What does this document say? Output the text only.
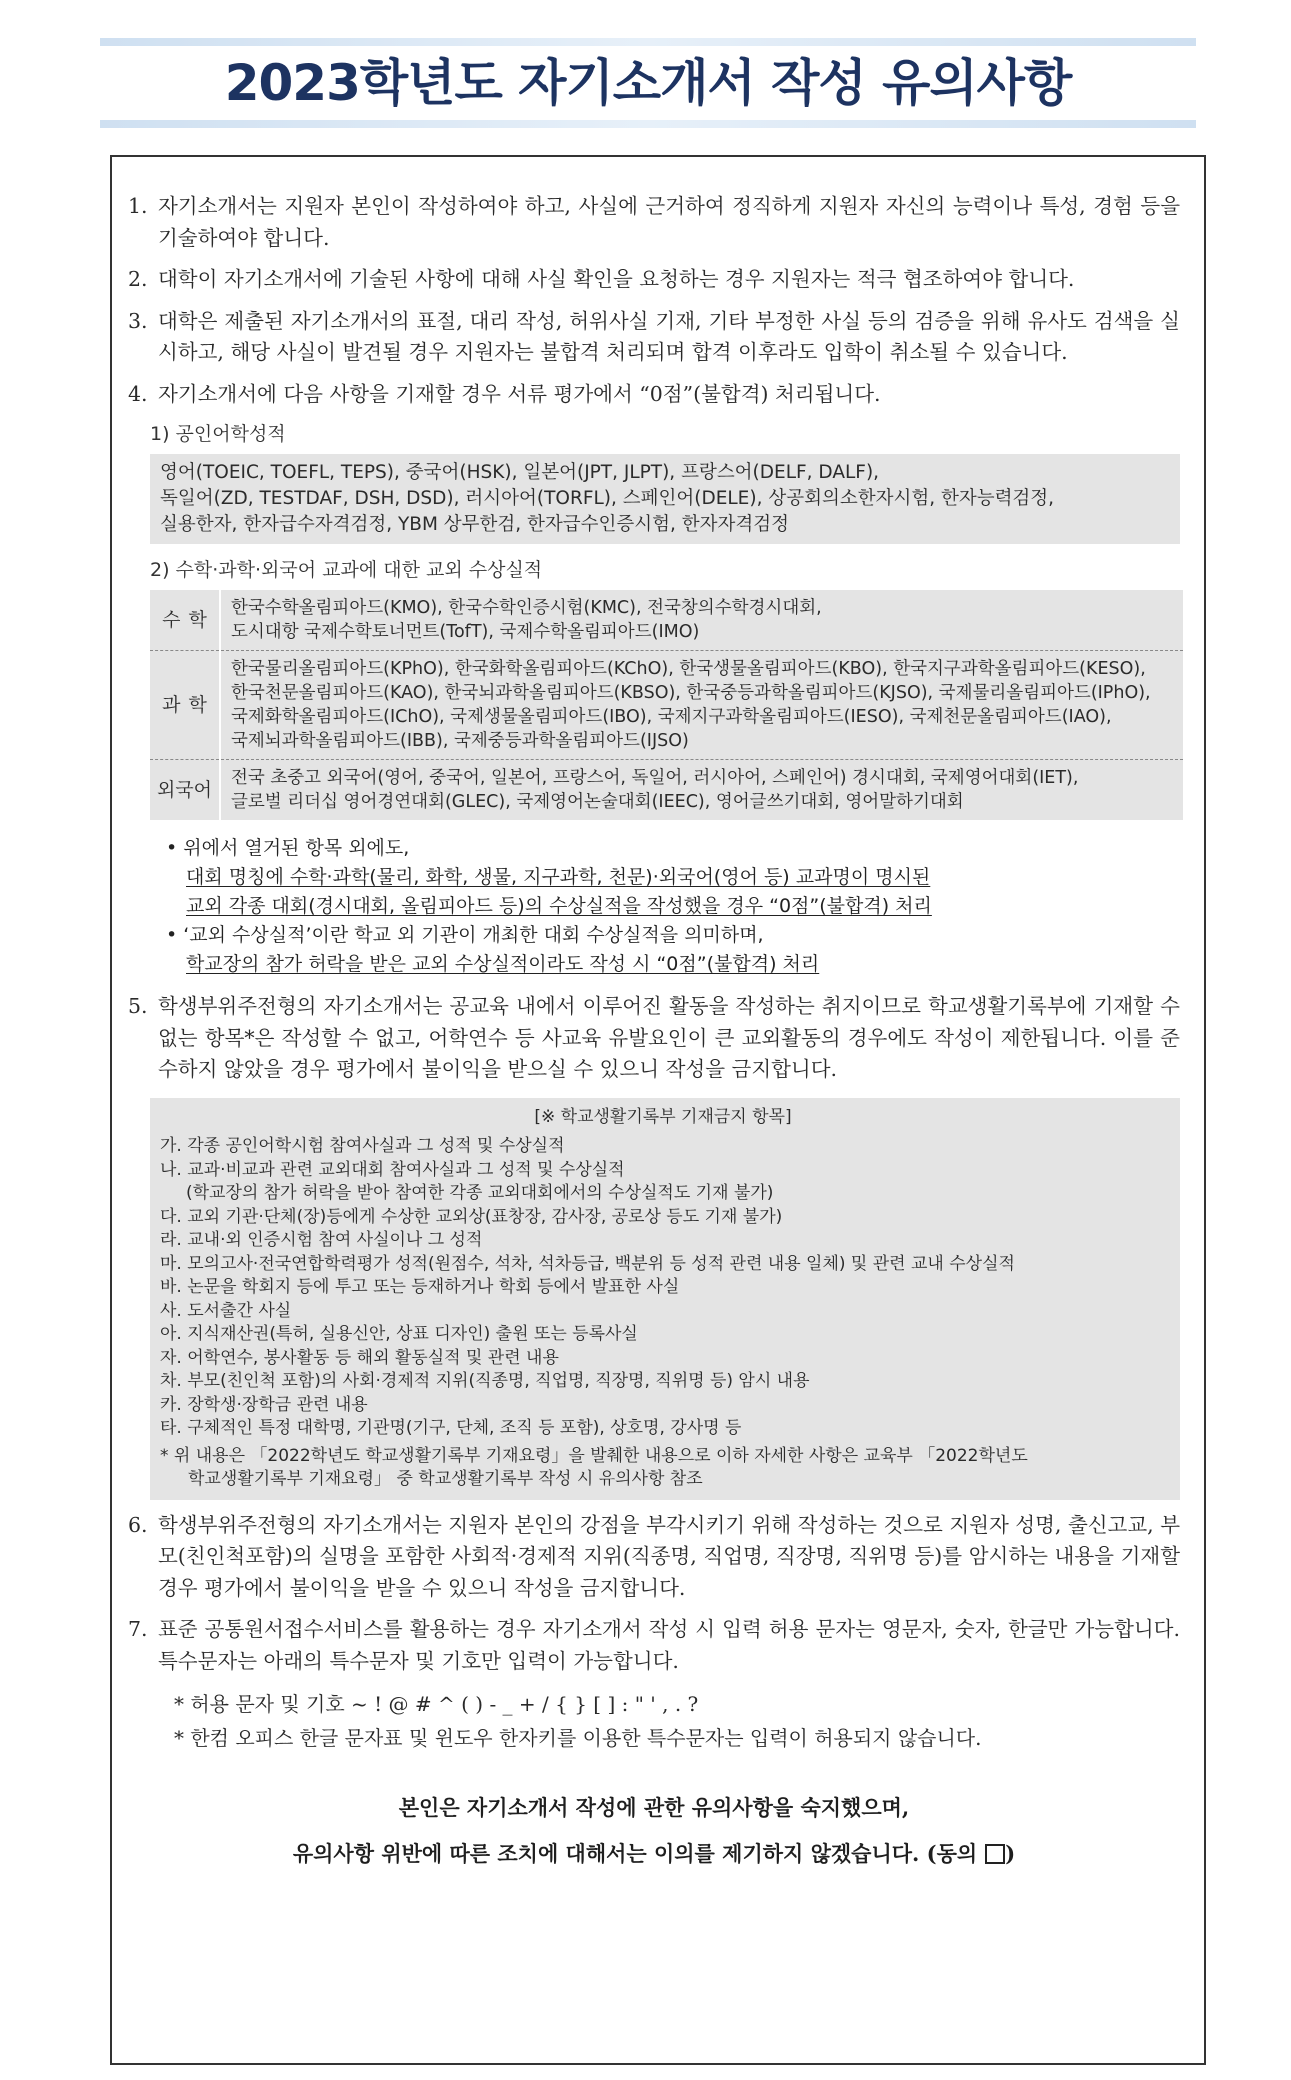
2023학년도 자기소개서 작성 유의사항
1. 자기소개서는 지원자 본인이 작성하여야 하고, 사실에 근거하여 정직하게 지원자 자신의 능력이나 특성, 경험 등을 기술하여야 합니다.
2. 대학이 자기소개서에 기술된 사항에 대해 사실 확인을 요청하는 경우 지원자는 적극 협조하여야 합니다.
3. 대학은 제출된 자기소개서의 표절, 대리 작성, 허위사실 기재, 기타 부정한 사실 등의 검증을 위해 유사도 검색을 실시하고, 해당 사실이 발견될 경우 지원자는 불합격 처리되며 합격 이후라도 입학이 취소될 수 있습니다.
4. 자기소개서에 다음 사항을 기재할 경우 서류 평가에서 “0점”(불합격) 처리됩니다.
1) 공인어학성적
영어(TOEIC, TOEFL, TEPS), 중국어(HSK), 일본어(JPT, JLPT), 프랑스어(DELF, DALF),
독일어(ZD, TESTDAF, DSH, DSD), 러시아어(TORFL), 스페인어(DELE), 상공회의소한자시험, 한자능력검정,
실용한자, 한자급수자격검정, YBM 상무한검, 한자급수인증시험, 한자자격검정
2) 수학·과학·외국어 교과에 대한 교외 수상실적
수학	한국수학올림피아드(KMO), 한국수학인증시험(KMC), 전국창의수학경시대회,
도시대항 국제수학토너먼트(TofT), 국제수학올림피아드(IMO)

과학	한국물리올림피아드(KPhO), 한국화학올림피아드(KChO), 한국생물올림피아드(KBO), 한국지구과학올림피아드(KESO),
한국천문올림피아드(KAO), 한국뇌과학올림피아드(KBSO), 한국중등과학올림피아드(KJSO), 국제물리올림피아드(IPhO),
국제화학올림피아드(IChO), 국제생물올림피아드(IBO), 국제지구과학올림피아드(IESO), 국제천문올림피아드(IAO),
국제뇌과학올림피아드(IBB), 국제중등과학올림피아드(IJSO)

외국어	전국 초중고 외국어(영어, 중국어, 일본어, 프랑스어, 독일어, 러시아어, 스페인어) 경시대회, 국제영어대회(IET),
글로벌 리더십 영어경연대회(GLEC), 국제영어논술대회(IEEC), 영어글쓰기대회, 영어말하기대회
• 위에서 열거된 항목 외에도,
대회 명칭에 수학·과학(물리, 화학, 생물, 지구과학, 천문)·외국어(영어 등) 교과명이 명시된
교외 각종 대회(경시대회, 올림피아드 등)의 수상실적을 작성했을 경우 “0점”(불합격) 처리
• ‘교외 수상실적’이란 학교 외 기관이 개최한 대회 수상실적을 의미하며,
학교장의 참가 허락을 받은 교외 수상실적이라도 작성 시 “0점”(불합격) 처리
5. 학생부위주전형의 자기소개서는 공교육 내에서 이루어진 활동을 작성하는 취지이므로 학교생활기록부에 기재할 수 없는 항목*은 작성할 수 없고, 어학연수 등 사교육 유발요인이 큰 교외활동의 경우에도 작성이 제한됩니다. 이를 준수하지 않았을 경우 평가에서 불이익을 받으실 수 있으니 작성을 금지합니다.
[※ 학교생활기록부 기재금지 항목]
가. 각종 공인어학시험 참여사실과 그 성적 및 수상실적
나. 교과·비교과 관련 교외대회 참여사실과 그 성적 및 수상실적
(학교장의 참가 허락을 받아 참여한 각종 교외대회에서의 수상실적도 기재 불가)
다. 교외 기관·단체(장)등에게 수상한 교외상(표창장, 감사장, 공로상 등도 기재 불가)
라. 교내·외 인증시험 참여 사실이나 그 성적
마. 모의고사·전국연합학력평가 성적(원점수, 석차, 석차등급, 백분위 등 성적 관련 내용 일체) 및 관련 교내 수상실적
바. 논문을 학회지 등에 투고 또는 등재하거나 학회 등에서 발표한 사실
사. 도서출간 사실
아. 지식재산권(특허, 실용신안, 상표 디자인) 출원 또는 등록사실
자. 어학연수, 봉사활동 등 해외 활동실적 및 관련 내용
차. 부모(친인척 포함)의 사회·경제적 지위(직종명, 직업명, 직장명, 직위명 등) 암시 내용
카. 장학생·장학금 관련 내용
타. 구체적인 특정 대학명, 기관명(기구, 단체, 조직 등 포함), 상호명, 강사명 등
* 위 내용은 「2022학년도 학교생활기록부 기재요령」을 발췌한 내용으로 이하 자세한 사항은 교육부 「2022학년도
학교생활기록부 기재요령」 중 학교생활기록부 작성 시 유의사항 참조
6. 학생부위주전형의 자기소개서는 지원자 본인의 강점을 부각시키기 위해 작성하는 것으로 지원자 성명, 출신고교, 부모(친인척포함)의 실명을 포함한 사회적·경제적 지위(직종명, 직업명, 직장명, 직위명 등)를 암시하는 내용을 기재할 경우 평가에서 불이익을 받을 수 있으니 작성을 금지합니다.
7. 표준 공통원서접수서비스를 활용하는 경우 자기소개서 작성 시 입력 허용 문자는 영문자, 숫자, 한글만 가능합니다. 특수문자는 아래의 특수문자 및 기호만 입력이 가능합니다.
* 허용 문자 및 기호 ~ ! @ # ^ ( ) - _ + / { } [ ] : " ' , . ?
* 한컴 오피스 한글 문자표 및 윈도우 한자키를 이용한 특수문자는 입력이 허용되지 않습니다.
본인은 자기소개서 작성에 관한 유의사항을 숙지했으며,
유의사항 위반에 따른 조치에 대해서는 이의를 제기하지 않겠습니다. (동의 )
